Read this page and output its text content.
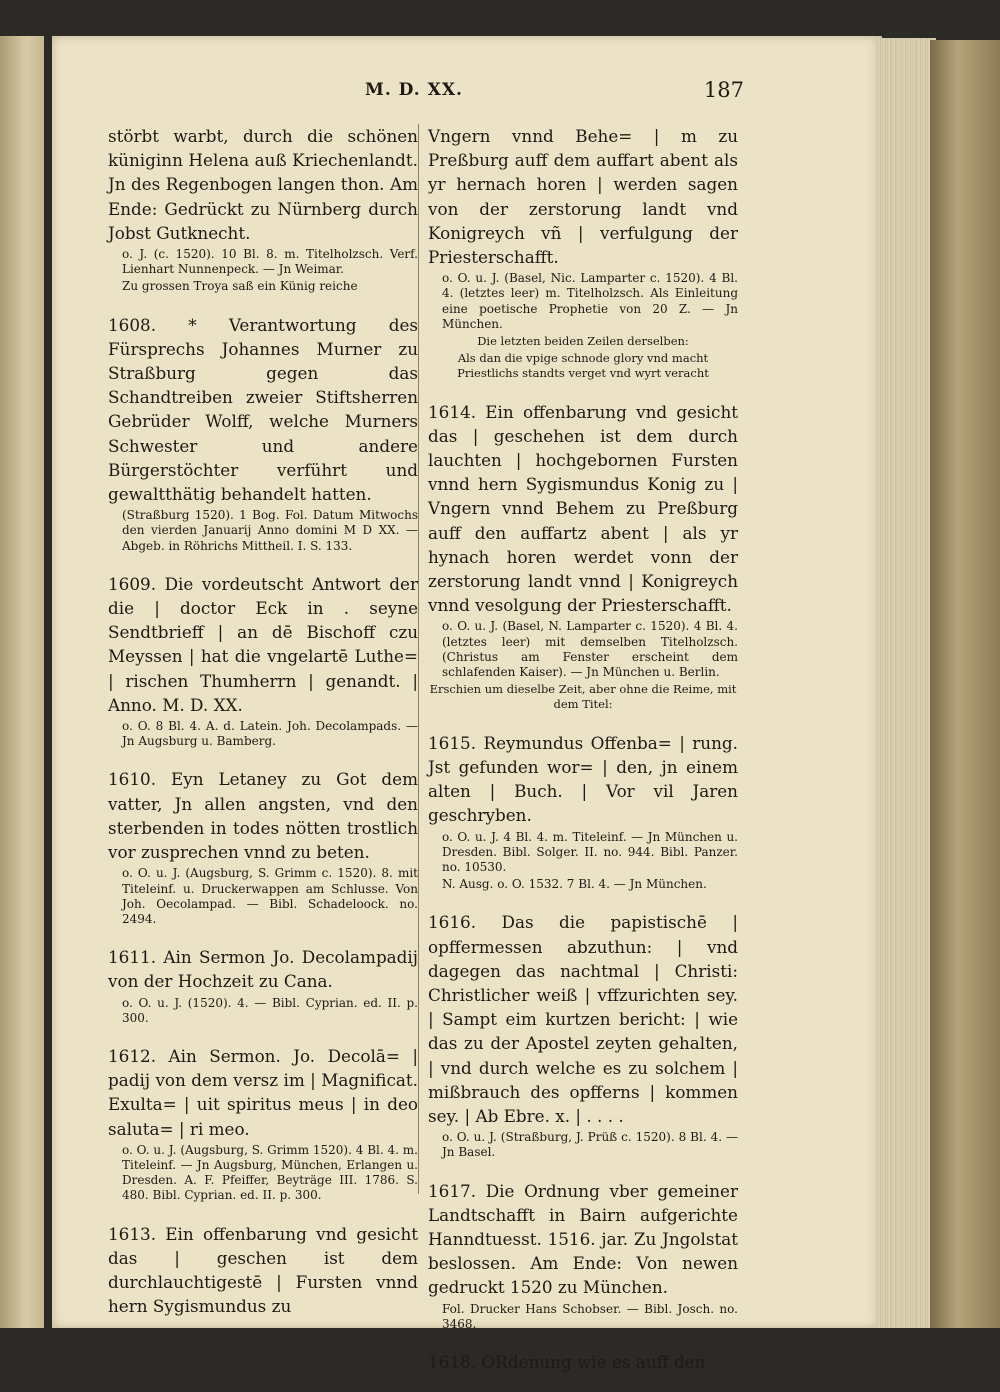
M. D. XX.	187

störbt warbt, durch die schönen küniginn Helena auß Kriechenlandt. Jn des Regenbogen langen thon. Am Ende: Gedrückt zu Nürnberg durch Jobst Gutknecht.

o. J. (c. 1520). 10 Bl. 8. m. Titelholzsch. Verf. Lienhart Nunnenpeck. — Jn Weimar.

Zu grossen Troya saß ein Künig reiche

1608. * Verantwortung des Fürsprechs Johannes Murner zu Straßburg gegen das Schandtreiben zweier Stiftsherren Gebrüder Wolff, welche Murners Schwester und andere Bürgerstöchter verführt und gewaltthätig behandelt hatten.

(Straßburg 1520). 1 Bog. Fol. Datum Mitwochs den vierden Januarij Anno domini M D XX. — Abgeb. in Röhrichs Mittheil. I. S. 133.

1609. Die vordeutscht Antwort der die | doctor Eck in . seyne Sendtbrieff | an dē Bischoff czu Meyssen | hat die vngelartē Luthe= | rischen Thumherrn | genandt. | Anno. M. D. XX.

o. O. 8 Bl. 4. A. d. Latein. Joh. Decolampads. — Jn Augsburg u. Bamberg.

1610. Eyn Letaney zu Got dem vatter, Jn allen angsten, vnd den sterbenden in todes nötten trostlich vor zusprechen vnnd zu beten.

o. O. u. J. (Augsburg, S. Grimm c. 1520). 8. mit Titeleinf. u. Druckerwappen am Schlusse. Von Joh. Oecolampad. — Bibl. Schadeloock. no. 2494.

1611. Ain Sermon Jo. Decolampadij von der Hochzeit zu Cana.

o. O. u. J. (1520). 4. — Bibl. Cyprian. ed. II. p. 300.

1612. Ain Sermon. Jo. Decolā= | padij von dem versz im | Magnificat. Exulta= | uit spiritus meus | in deo saluta= | ri meo.

o. O. u. J. (Augsburg, S. Grimm 1520). 4 Bl. 4. m. Titeleinf. — Jn Augsburg, München, Erlangen u. Dresden. A. F. Pfeiffer, Beyträge III. 1786. S. 480. Bibl. Cyprian. ed. II. p. 300.

1613. Ein offenbarung vnd gesicht das | geschen ist dem durchlauchtigestē | Fursten vnnd hern Sygismundus zu

Vngern vnnd Behe= | m zu Preßburg auff dem auffart abent als yr hernach horen | werden sagen von der zerstorung landt vnd Konigreych vñ | verfulgung der Priesterschafft.

o. O. u. J. (Basel, Nic. Lamparter c. 1520). 4 Bl. 4. (letztes leer) m. Titelholzsch. Als Einleitung eine poetische Prophetie von 20 Z. — Jn München.

Die letzten beiden Zeilen derselben:

Als dan die vpige schnode glory vnd macht Priestlichs standts verget vnd wyrt veracht

1614. Ein offenbarung vnd gesicht das | geschehen ist dem durch lauchten | hochgebornen Fursten vnnd hern Sygismundus Konig zu | Vngern vnnd Behem zu Preßburg auff den auffartz abent | als yr hynach horen werdet vonn der zerstorung landt vnnd | Konigreych vnnd vesolgung der Priesterschafft.

o. O. u. J. (Basel, N. Lamparter c. 1520). 4 Bl. 4. (letztes leer) mit demselben Titelholzsch. (Christus am Fenster erscheint dem schlafenden Kaiser). — Jn München u. Berlin.

Erschien um dieselbe Zeit, aber ohne die Reime, mit dem Titel:

1615. Reymundus Offenba= | rung. Jst gefunden wor= | den, jn einem alten | Buch. | Vor vil Jaren geschryben.

o. O. u. J. 4 Bl. 4. m. Titeleinf. — Jn München u. Dresden. Bibl. Solger. II. no. 944. Bibl. Panzer. no. 10530.

N. Ausg. o. O. 1532. 7 Bl. 4. — Jn München.

1616. Das die papistischē | opffermessen abzuthun: | vnd dagegen das nachtmal | Christi: Christlicher weiß | vffzurichten sey. | Sampt eim kurtzen bericht: | wie das zu der Apostel zeyten gehalten, | vnd durch welche es zu solchem | mißbrauch des opfferns | kommen sey. | Ab Ebre. x. | . . . .

o. O. u. J. (Straßburg, J. Prüß c. 1520). 8 Bl. 4. — Jn Basel.

1617. Die Ordnung vber gemeiner Landtschafft in Bairn aufgerichte Hanndtuesst. 1516. jar. Zu Jngolstat beslossen. Am Ende: Von newen gedruckt 1520 zu München.

Fol. Drucker Hans Schobser. — Bibl. Josch. no. 3468.

1618. ORdenung wie es auff den
